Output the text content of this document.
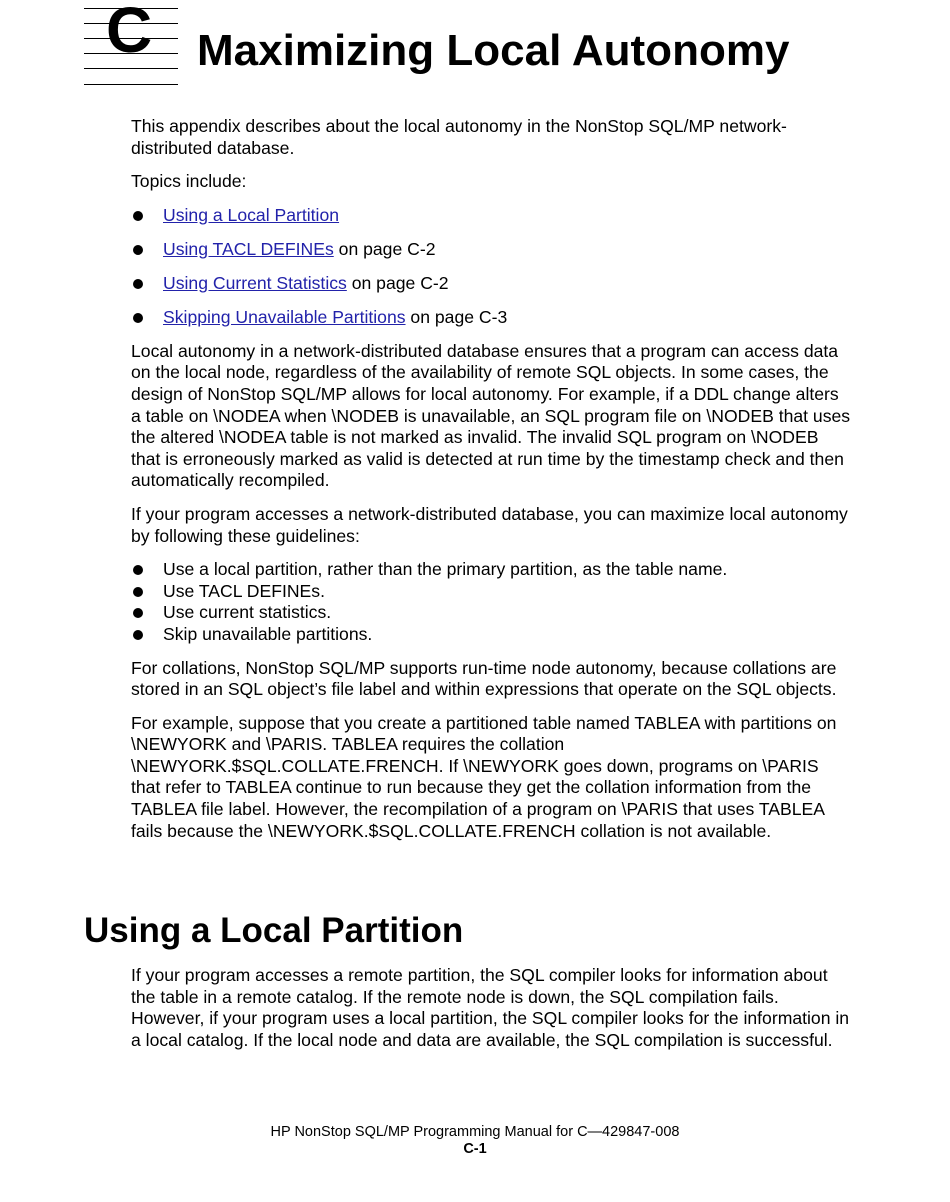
C Maximizing Local Autonomy

This appendix describes about the local autonomy in the NonStop SQL/MP network-distributed database.

Topics include:

Using a Local Partition
Using TACL DEFINEs on page C-2
Using Current Statistics on page C-2
Skipping Unavailable Partitions on page C-3

Local autonomy in a network-distributed database ensures that a program can access data on the local node, regardless of the availability of remote SQL objects. In some cases, the design of NonStop SQL/MP allows for local autonomy. For example, if a DDL change alters a table on \NODEA when \NODEB is unavailable, an SQL program file on \NODEB that uses the altered \NODEA table is not marked as invalid. The invalid SQL program on \NODEB that is erroneously marked as valid is detected at run time by the timestamp check and then automatically recompiled.

If your program accesses a network-distributed database, you can maximize local autonomy by following these guidelines:

Use a local partition, rather than the primary partition, as the table name.
Use TACL DEFINEs.
Use current statistics.
Skip unavailable partitions.

For collations, NonStop SQL/MP supports run-time node autonomy, because collations are stored in an SQL object’s file label and within expressions that operate on the SQL objects.

For example, suppose that you create a partitioned table named TABLEA with partitions on \NEWYORK and \PARIS. TABLEA requires the collation \NEWYORK.$SQL.COLLATE.FRENCH. If \NEWYORK goes down, programs on \PARIS that refer to TABLEA continue to run because they get the collation information from the TABLEA file label. However, the recompilation of a program on \PARIS that uses TABLEA fails because the \NEWYORK.$SQL.COLLATE.FRENCH collation is not available.

Using a Local Partition

If your program accesses a remote partition, the SQL compiler looks for information about the table in a remote catalog. If the remote node is down, the SQL compilation fails. However, if your program uses a local partition, the SQL compiler looks for the information in a local catalog. If the local node and data are available, the SQL compilation is successful.

HP NonStop SQL/MP Programming Manual for C—429847-008
C-1
